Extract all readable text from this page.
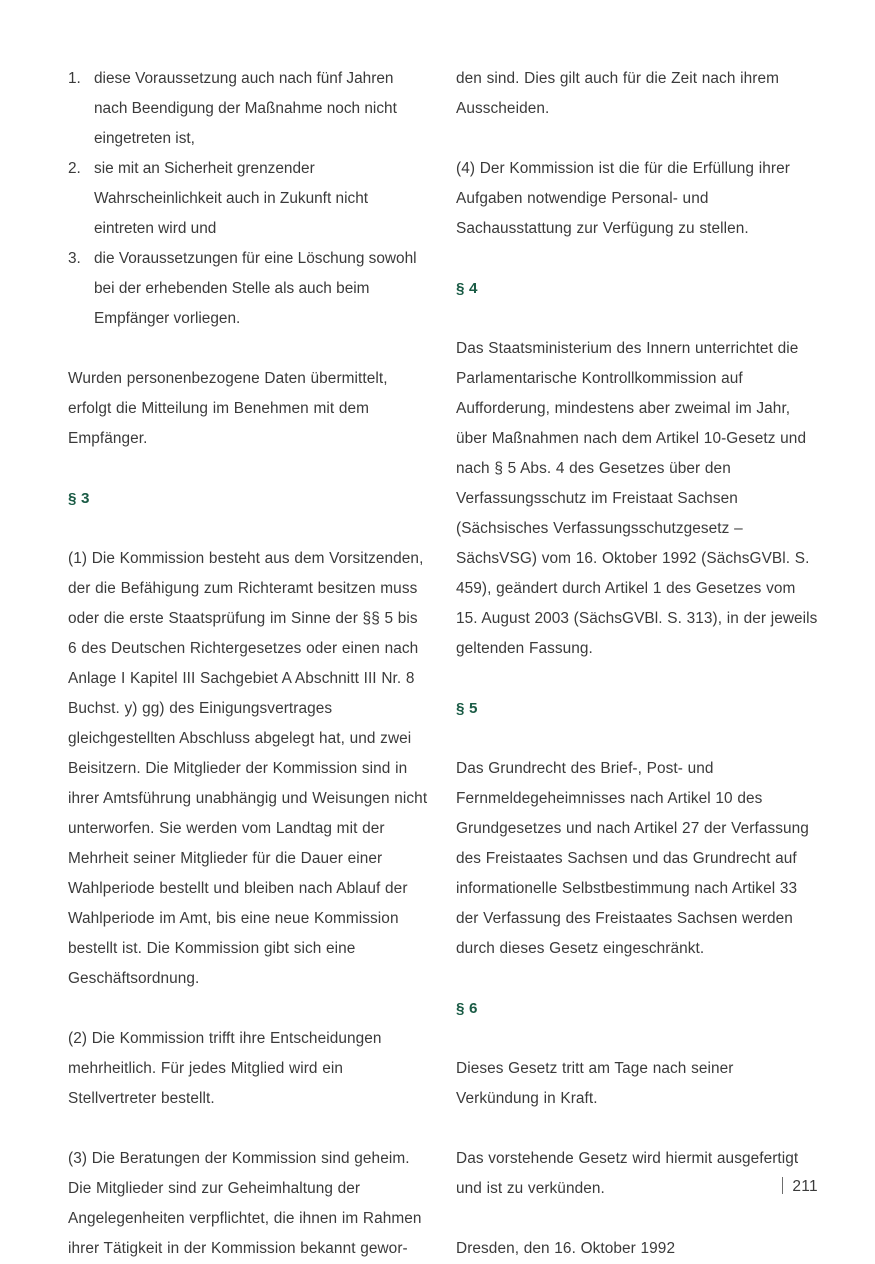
1. diese Voraussetzung auch nach fünf Jahren nach Beendigung der Maßnahme noch nicht eingetreten ist,
2. sie mit an Sicherheit grenzender Wahrscheinlichkeit auch in Zukunft nicht eintreten wird und
3. die Voraussetzungen für eine Löschung sowohl bei der erhebenden Stelle als auch beim Empfänger vorliegen.

Wurden personenbezogene Daten übermittelt, erfolgt die Mitteilung im Benehmen mit dem Empfänger.

§ 3

(1) Die Kommission besteht aus dem Vorsitzenden, der die Befähigung zum Richteramt besitzen muss oder die erste Staatsprüfung im Sinne der §§ 5 bis 6 des Deutschen Richtergesetzes oder einen nach Anlage I Kapitel III Sachgebiet A Abschnitt III Nr. 8 Buchst. y) gg) des Einigungsvertrages gleichgestellten Abschluss abgelegt hat, und zwei Beisitzern. Die Mitglieder der Kommission sind in ihrer Amtsführung unabhängig und Weisungen nicht unterworfen. Sie werden vom Landtag mit der Mehrheit seiner Mitglieder für die Dauer einer Wahlperiode bestellt und bleiben nach Ablauf der Wahlperiode im Amt, bis eine neue Kommission bestellt ist. Die Kommission gibt sich eine Geschäftsordnung.

(2) Die Kommission trifft ihre Entscheidungen mehrheitlich. Für jedes Mitglied wird ein Stellvertreter bestellt.

(3) Die Beratungen der Kommission sind geheim. Die Mitglieder sind zur Geheimhaltung der Angelegenheiten verpflichtet, die ihnen im Rahmen ihrer Tätigkeit in der Kommission bekannt gewor-

den sind. Dies gilt auch für die Zeit nach ihrem Ausscheiden.

(4) Der Kommission ist die für die Erfüllung ihrer Aufgaben notwendige Personal- und Sachausstattung zur Verfügung zu stellen.

§ 4

Das Staatsministerium des Innern unterrichtet die Parlamentarische Kontrollkommission auf Aufforderung, mindestens aber zweimal im Jahr, über Maßnahmen nach dem Artikel 10-Gesetz und nach § 5 Abs. 4 des Gesetzes über den Verfassungsschutz im Freistaat Sachsen (Sächsisches Verfassungsschutzgesetz – SächsVSG) vom 16. Oktober 1992 (SächsGVBl. S. 459), geändert durch Artikel 1 des Gesetzes vom 15. August 2003 (SächsGVBl. S. 313), in der jeweils geltenden Fassung.

§ 5

Das Grundrecht des Brief-, Post- und Fernmeldegeheimnisses nach Artikel 10 des Grundgesetzes und nach Artikel 27 der Verfassung des Freistaates Sachsen und das Grundrecht auf informationelle Selbstbestimmung nach Artikel 33 der Verfassung des Freistaates Sachsen werden durch dieses Gesetz eingeschränkt.

§ 6

Dieses Gesetz tritt am Tage nach seiner Verkündung in Kraft.

Das vorstehende Gesetz wird hiermit ausgefertigt und ist zu verkünden.

Dresden, den 16. Oktober 1992

211
